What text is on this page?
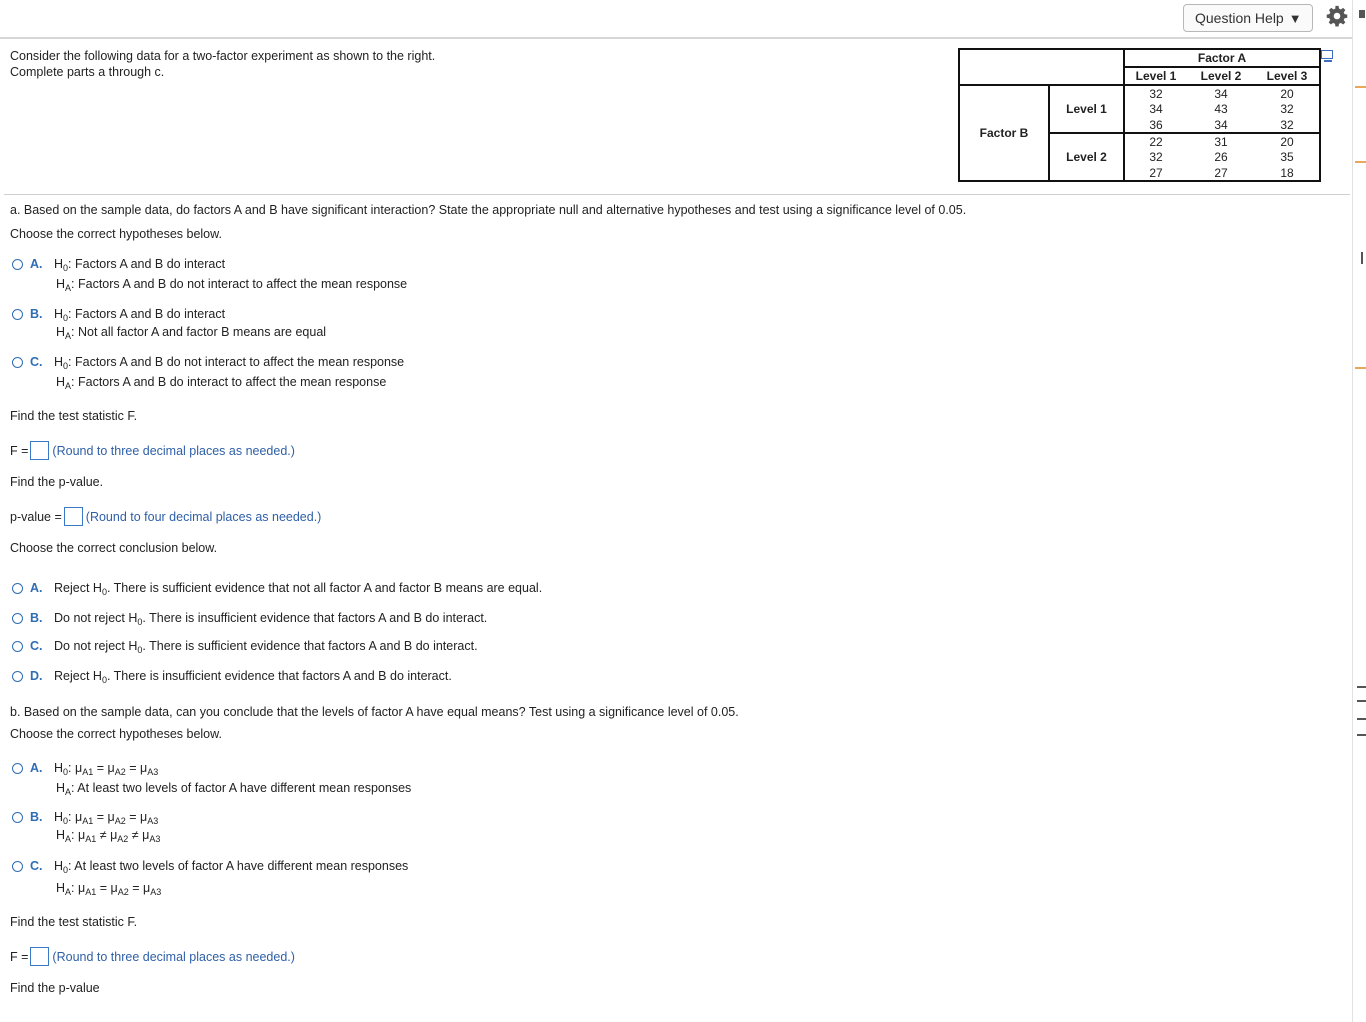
Question Help ▼
Consider the following data for a two-factor experiment as shown to the right. Complete parts a through c.
		Factor A		
		Level 1	Level 2	Level 3
Factor B	Level 1	32	34	20
		34	43	32
		36	34	32
	Level 2	22	31	20
		32	26	35
		27	27	18
a. Based on the sample data, do factors A and B have significant interaction? State the appropriate null and alternative hypotheses and test using a significance level of 0.05.
Choose the correct hypotheses below.
A. $H_0$: Factors A and B do interact
$H_A$: Factors A and B do not interact to affect the mean response
B. $H_0$: Factors A and B do interact
$H_A$: Not all factor A and factor B means are equal
C. $H_0$: Factors A and B do not interact to affect the mean response
$H_A$: Factors A and B do interact to affect the mean response
Find the test statistic F.
F = (Round to three decimal places as needed.)
Find the p-value.
p-value = (Round to four decimal places as needed.)
Choose the correct conclusion below.
A. Reject $H_0$. There is sufficient evidence that not all factor A and factor B means are equal.
B. Do not reject $H_0$. There is insufficient evidence that factors A and B do interact.
C. Do not reject $H_0$. There is sufficient evidence that factors A and B do interact.
D. Reject $H_0$. There is insufficient evidence that factors A and B do interact.
b. Based on the sample data, can you conclude that the levels of factor A have equal means? Test using a significance level of 0.05.
Choose the correct hypotheses below.
A. $H_0$: $\mu_{A1} = \mu_{A2} = \mu_{A3}$
$H_A$: At least two levels of factor A have different mean responses
B. $H_0$: $\mu_{A1} = \mu_{A2} = \mu_{A3}$
$H_A$: $\mu_{A1} \ne \mu_{A2} \ne \mu_{A3}$
C. $H_0$: At least two levels of factor A have different mean responses
$H_A$: $\mu_{A1} = \mu_{A2} = \mu_{A3}$
Find the test statistic F.
F = (Round to three decimal places as needed.)
Find the p-value
